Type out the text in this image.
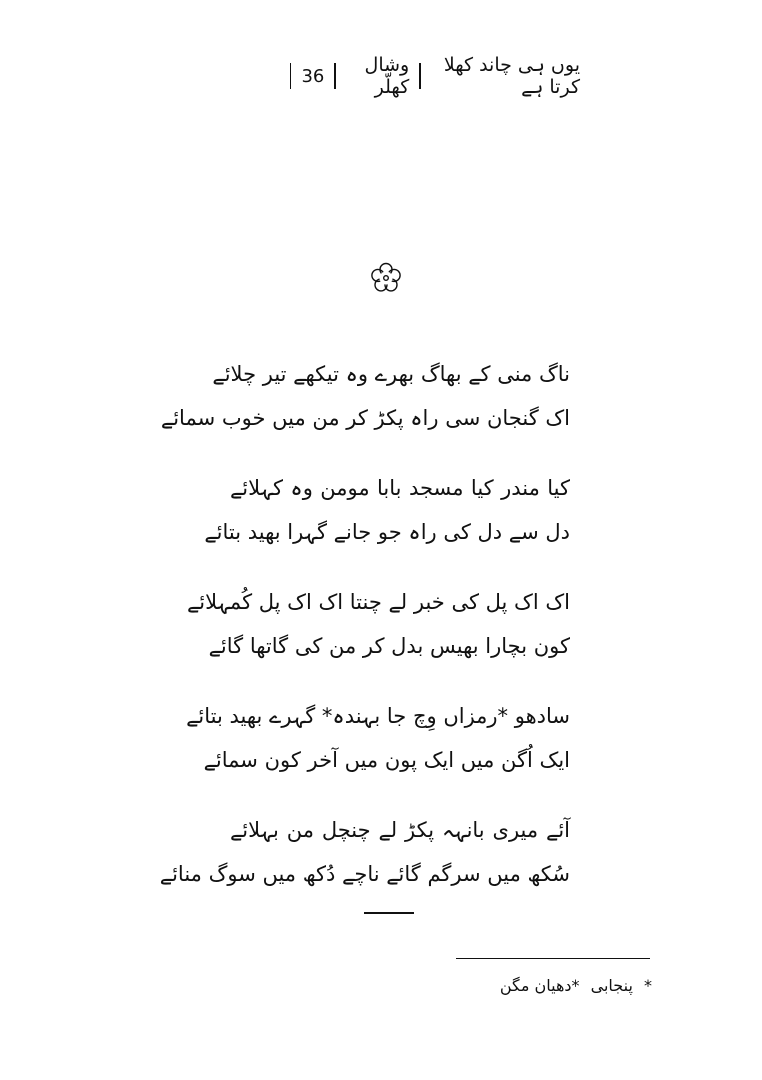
یوں ہی چاند کھلا کرتا ہے
وشال کھلّر
36
ناگ منی کے بھاگ بھرے وہ تیکھے تیر چلائے
اک گنجان سی راہ پکڑ کر من میں خوب سمائے
کیا مندر کیا مسجد بابا مومن وہ کہلائے
دل سے دل کی راہ جو جانے گہرا بھید بتائے
اک اک پل کی خبر لے چنتا اک اک پل کُمہلائے
کون بچارا بھیس بدل کر من کی گاتھا گائے
سادھو *رمزاں وِچ جا بہندہ* گہرے بھید بتائے
ایک اُگن میں ایک پون میں آخر کون سمائے
آئے میری بانہہ پکڑ لے چنچل من بہلائے
سُکھ میں سرگم گائے ناچے دُکھ میں سوگ منائے
* پنجابی *دھیان مگن
